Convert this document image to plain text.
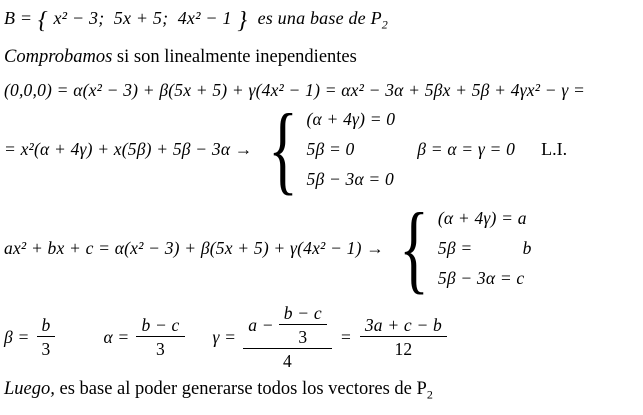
B = { x² − 3;  5x + 5;  4x² − 1 }  es una base de $P_2$
Comprobamos si son linealmente inependientes
(0,0,0) = α(x² − 3) + β(5x + 5) + γ(4x² − 1) = αx² − 3α + 5βx + 5β + 4γx² − γ =
= x²(α + 4γ) + x(5β) + 5β − 3α → { (α + 4γ) = 0
5β = 0
5β − 3α = 0
β = α = γ = 0 L.I.
ax² + bx + c = α(x² − 3) + β(5x + 5) + γ(4x² − 1) → { (α + 4γ) = a
5β =           b
5β − 3α = c
$\beta = \frac{b}{3}$	$\alpha = \frac{b - c}{3}$ $\gamma = \frac{a - \frac{b - c}{3}}{4} = \frac{3a + c - b}{12}$
Luego, es base al poder generarse todos los vectores de $P_2$
